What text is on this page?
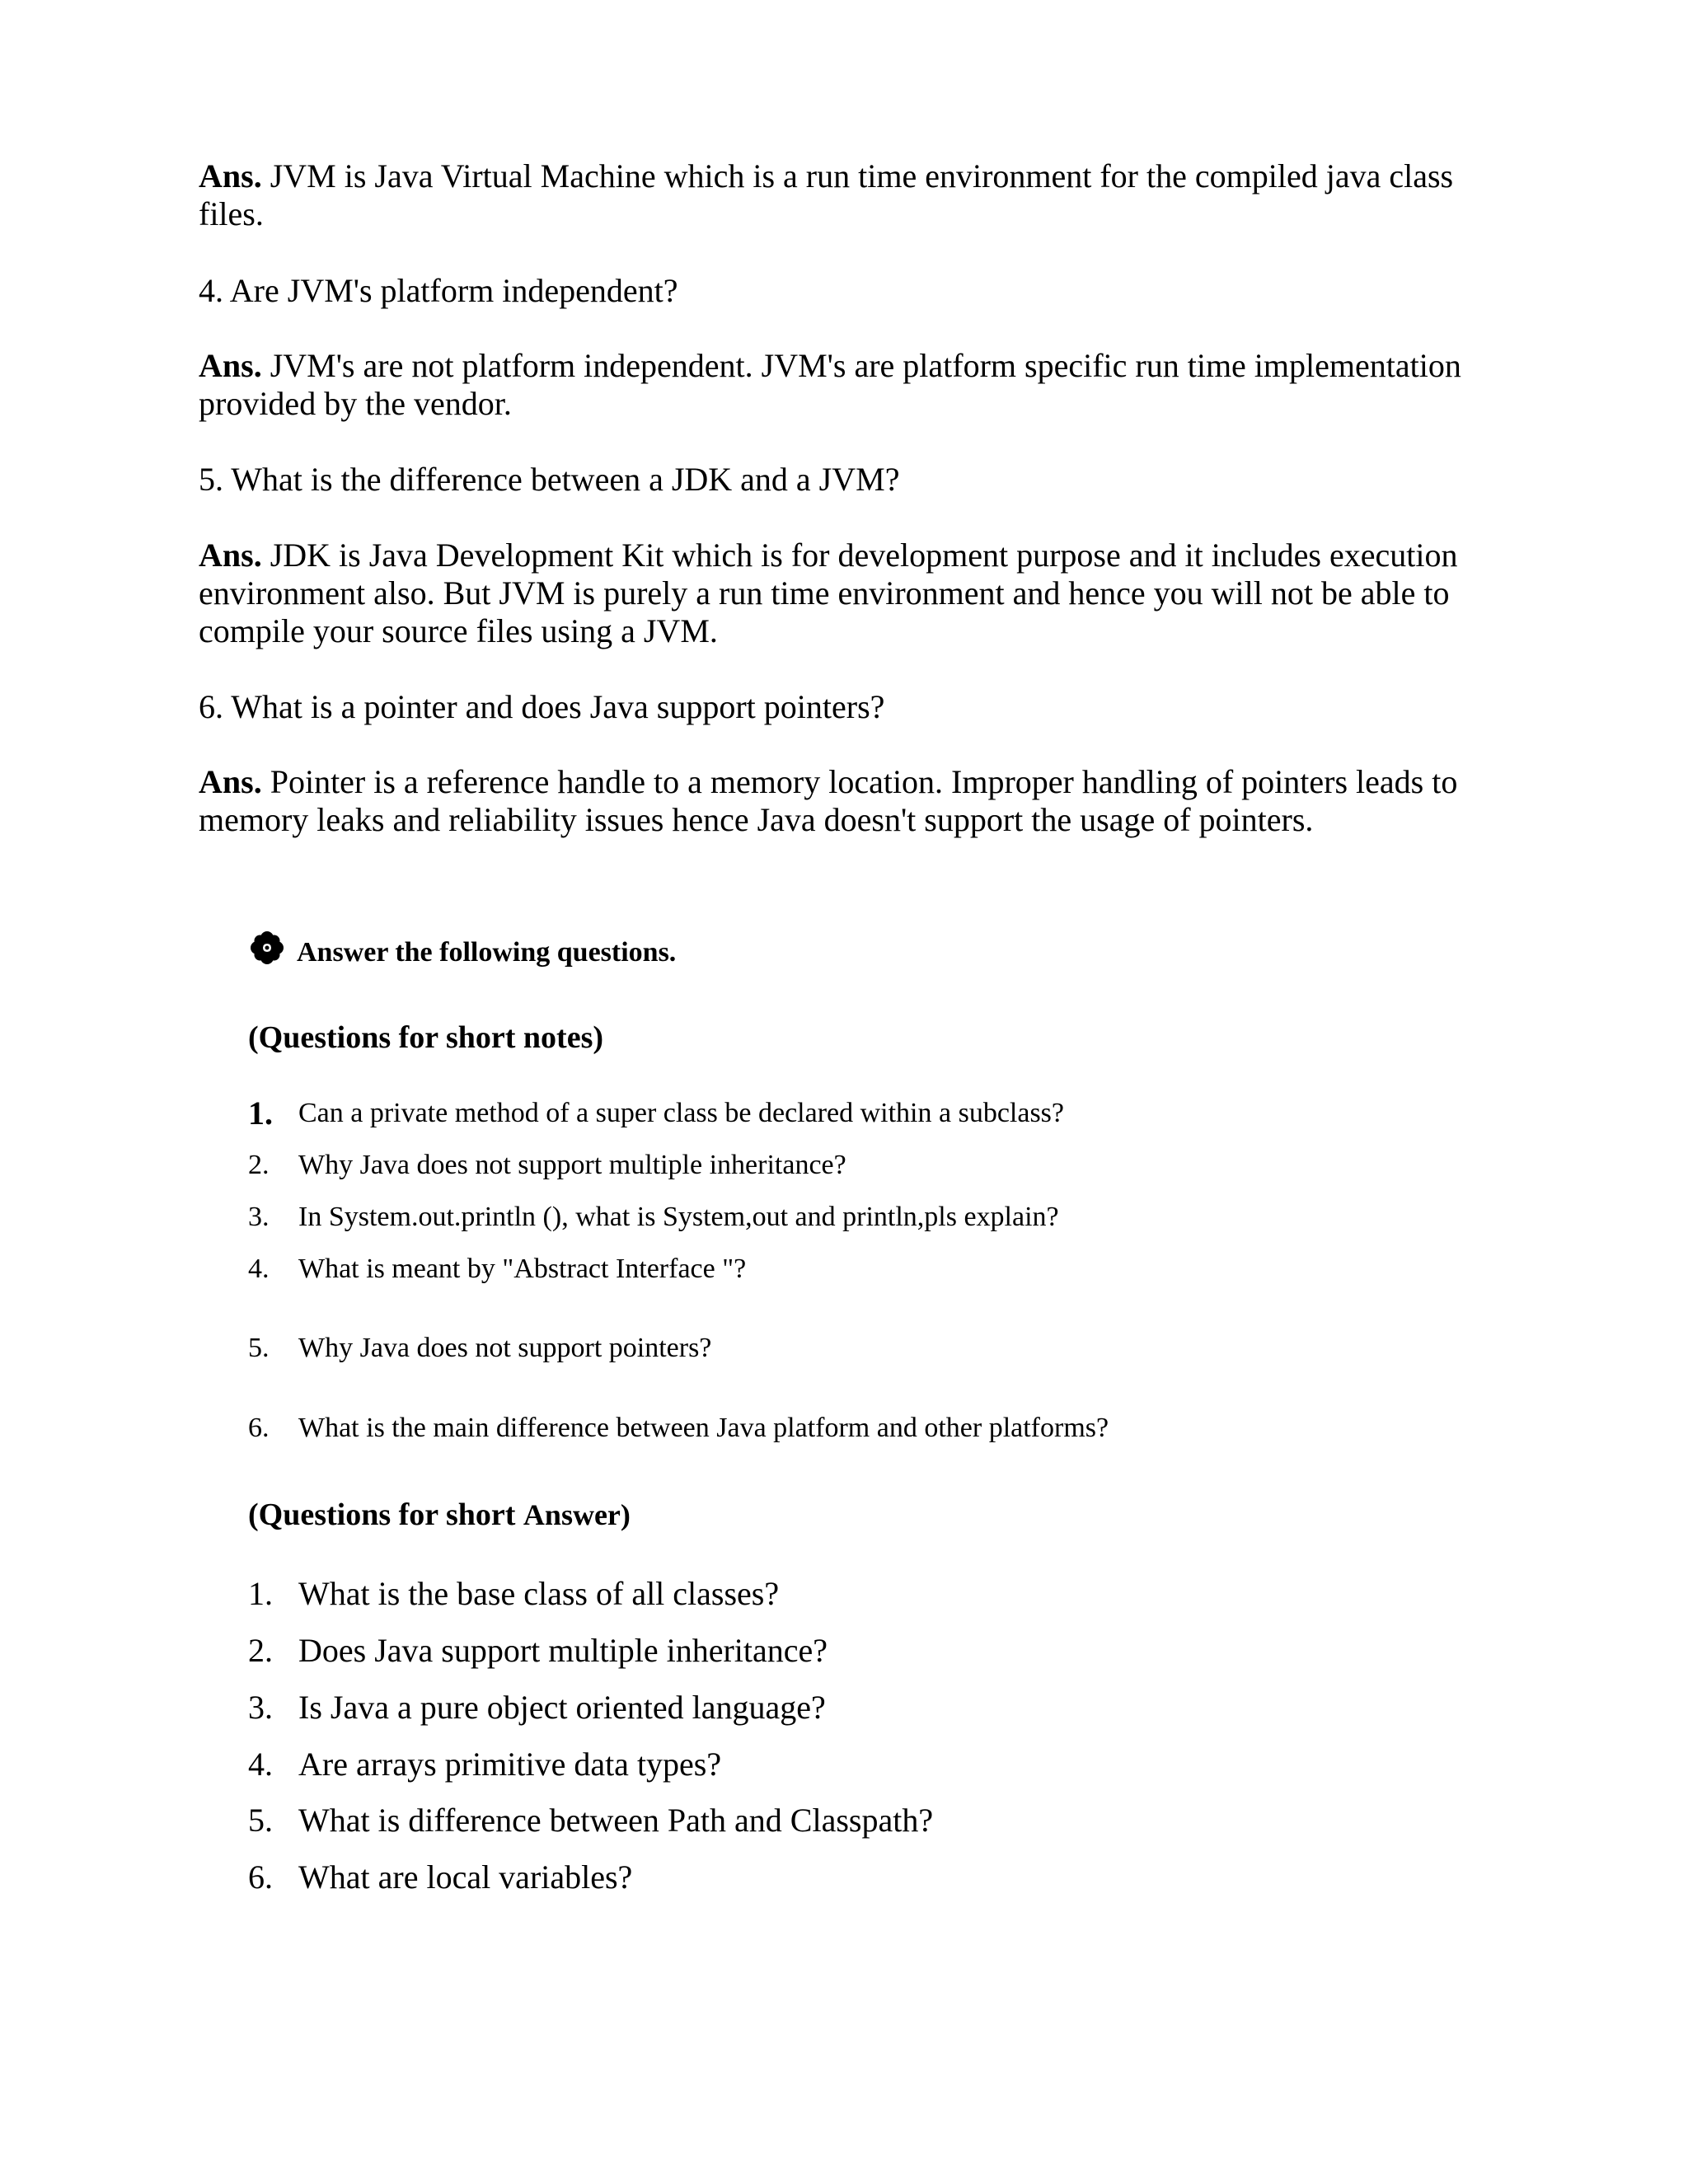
Ans. JVM is Java Virtual Machine which is a run time environment for the compiled java class files.

4. Are JVM's platform independent?

Ans. JVM's are not platform independent. JVM's are platform specific run time implementation provided by the vendor.

5. What is the difference between a JDK and a JVM?

Ans. JDK is Java Development Kit which is for development purpose and it includes execution environment also. But JVM is purely a run time environment and hence you will not be able to compile your source files using a JVM.

6. What is a pointer and does Java support pointers?

Ans. Pointer is a reference handle to a memory location. Improper handling of pointers leads to memory leaks and reliability issues hence Java doesn't support the usage of pointers.

Answer the following questions.

(Questions for short notes)

1. Can a private method of a super class be declared within a subclass?
2.	Why Java does not support multiple inheritance?
3.	In System.out.println (), what is System,out and println,pls explain?
4.	What is meant by "Abstract Interface "?
5.	Why Java does not support pointers?
6.	What is the main difference between Java platform and other platforms?

(Questions for short Answer)

1. What is the base class of all classes?
2. Does Java support multiple inheritance?
3. Is Java a pure object oriented language?
4. Are arrays primitive data types?
5. What is difference between Path and Classpath?
6. What are local variables?
